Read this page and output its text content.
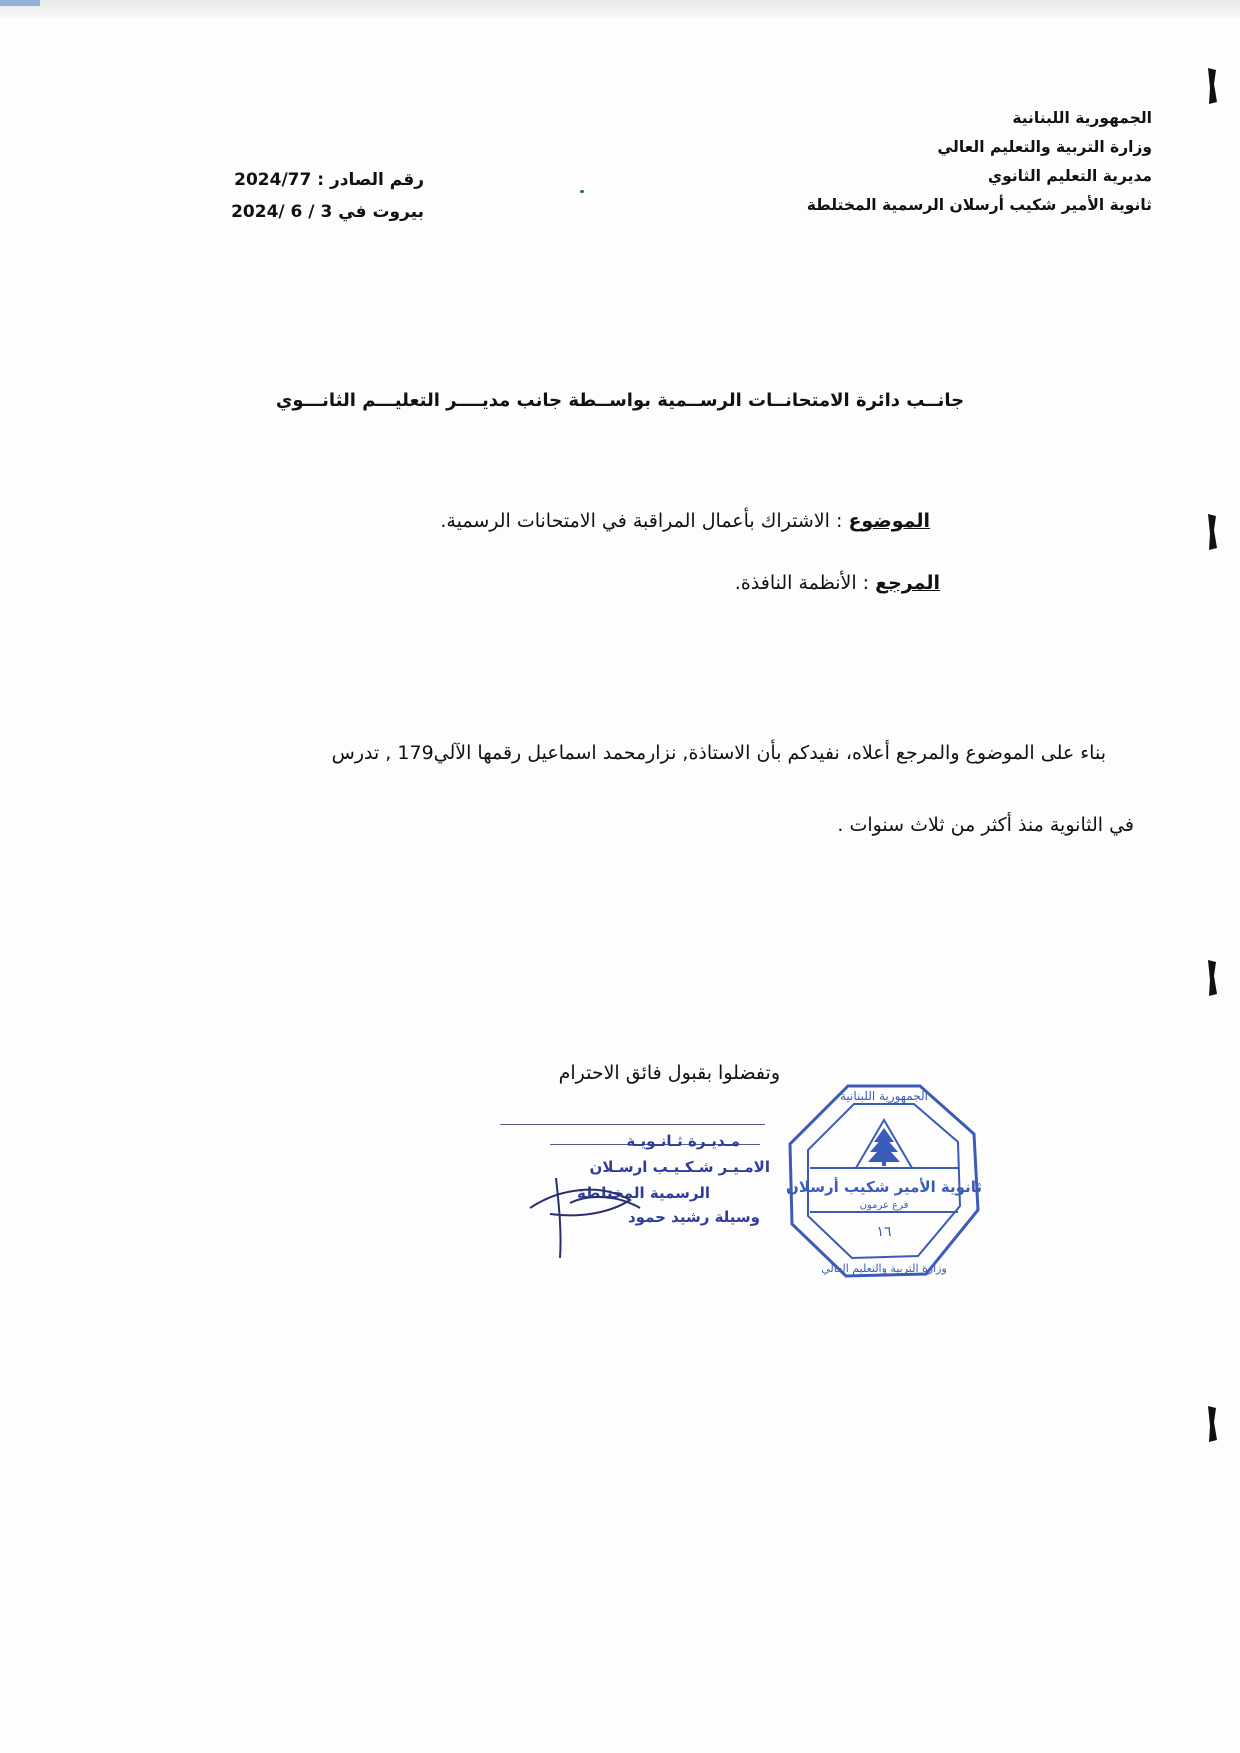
الجمهورية اللبنانية
وزارة التربية والتعليم العالي
مديرية التعليم الثانوي
ثانوية الأمير شكيب أرسلان الرسمية المختلطة
رقم الصادر : 2024/77
بيروت في 3 / 6 /2024
جانــب دائرة الامتحانــات الرســمية بواســطة جانب مديــــر التعليـــم الثانـــوي
الموضوع : الاشتراك بأعمال المراقبة في الامتحانات الرسمية.
المرجع : الأنظمة النافذة.
بناء على الموضوع والمرجع أعلاه، نفيدكم بأن الاستاذة, نزارمحمد اسماعيل رقمها الآلي179 , تدرس
في الثانوية منذ أكثر من ثلاث سنوات .
وتفضلوا بقبول فائق الاحترام
مـديـرة ثـانـويـة
الامـيـر شـكـيـب ارسـلان
الرسمية المختلطة
وسيلة رشيد حمود
ثانوية الأمير شكيب أرسلان
فرع عرمون
١٦
الجمهورية اللبنانية
وزارة التربية والتعليم العالي
